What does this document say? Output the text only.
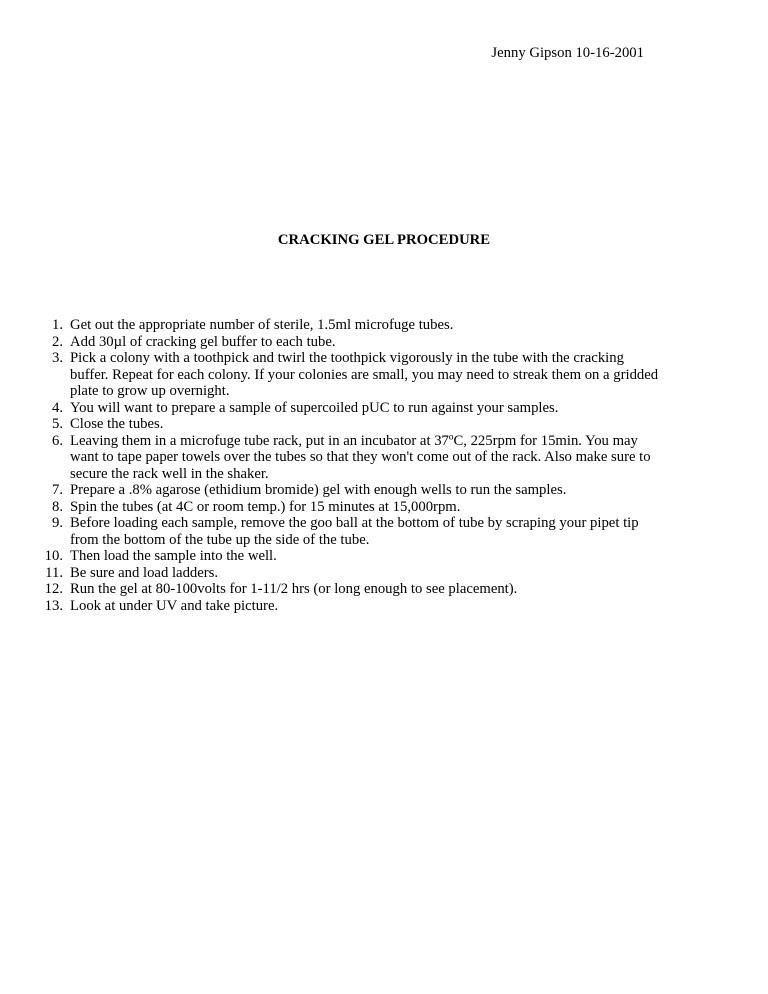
Jenny Gipson 10-16-2001
CRACKING GEL PROCEDURE
1. Get out the appropriate number of sterile, 1.5ml microfuge tubes.
2. Add 30µl of cracking gel buffer to each tube.
3. Pick a colony with a toothpick and twirl the toothpick vigorously in the tube with the cracking buffer. Repeat for each colony. If your colonies are small, you may need to streak them on a gridded plate to grow up overnight.
4. You will want to prepare a sample of supercoiled pUC to run against your samples.
5. Close the tubes.
6. Leaving them in a microfuge tube rack, put in an incubator at 37ºC, 225rpm for 15min. You may want to tape paper towels over the tubes so that they won't come out of the rack. Also make sure to secure the rack well in the shaker.
7. Prepare a .8% agarose (ethidium bromide) gel with enough wells to run the samples.
8. Spin the tubes (at 4C or room temp.) for 15 minutes at 15,000rpm.
9. Before loading each sample, remove the goo ball at the bottom of tube by scraping your pipet tip from the bottom of the tube up the side of the tube.
10. Then load the sample into the well.
11. Be sure and load ladders.
12. Run the gel at 80-100volts for 1-11/2 hrs (or long enough to see placement).
13. Look at under UV and take picture.
